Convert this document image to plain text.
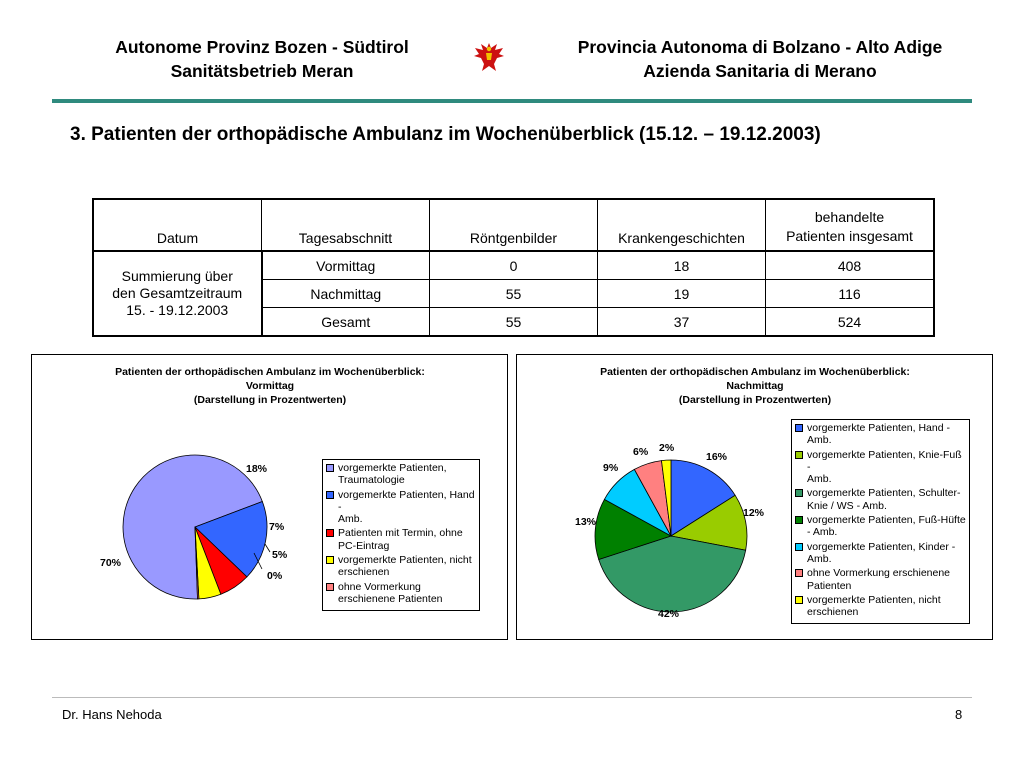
Autonome Provinz Bozen - Südtirol
Sanitätsbetrieb Meran
Provincia Autonoma di Bolzano - Alto Adige
Azienda Sanitaria di Merano
3. Patienten der orthopädische Ambulanz im Wochenüberblick (15.12. – 19.12.2003)
Datum	Tagesabschnitt	Röntgenbilder	Krankengeschichten	behandelte
Patienten insgesamt

Summierung über
den Gesamtzeitraum
15. - 19.12.2003	Vormittag	0	18	408
	Nachmittag	55	19	116
	Gesamt	55	37	524
Patienten der orthopädischen Ambulanz im Wochenüberblick:
Vormittag
(Darstellung in Prozentwerten)
70%
18%
7%
5%
0%
vorgemerkte Patienten,
Traumatologie
vorgemerkte Patienten, Hand -
Amb.
Patienten mit Termin, ohne
PC-Eintrag
vorgemerkte Patienten, nicht
erschienen
ohne Vormerkung
erschienene Patienten
Patienten der orthopädischen Ambulanz im Wochenüberblick:
Nachmittag
(Darstellung in Prozentwerten)
16%
12%
42%
13%
9%
6% 2%
vorgemerkte Patienten, Hand -
Amb.
vorgemerkte Patienten, Knie-Fuß -
Amb.
vorgemerkte Patienten, Schulter-
Knie / WS - Amb.
vorgemerkte Patienten, Fuß-Hüfte
- Amb.
vorgemerkte Patienten, Kinder -
Amb.
ohne Vormerkung erschienene
Patienten
vorgemerkte Patienten, nicht
erschienen
Dr. Hans Nehoda	8
